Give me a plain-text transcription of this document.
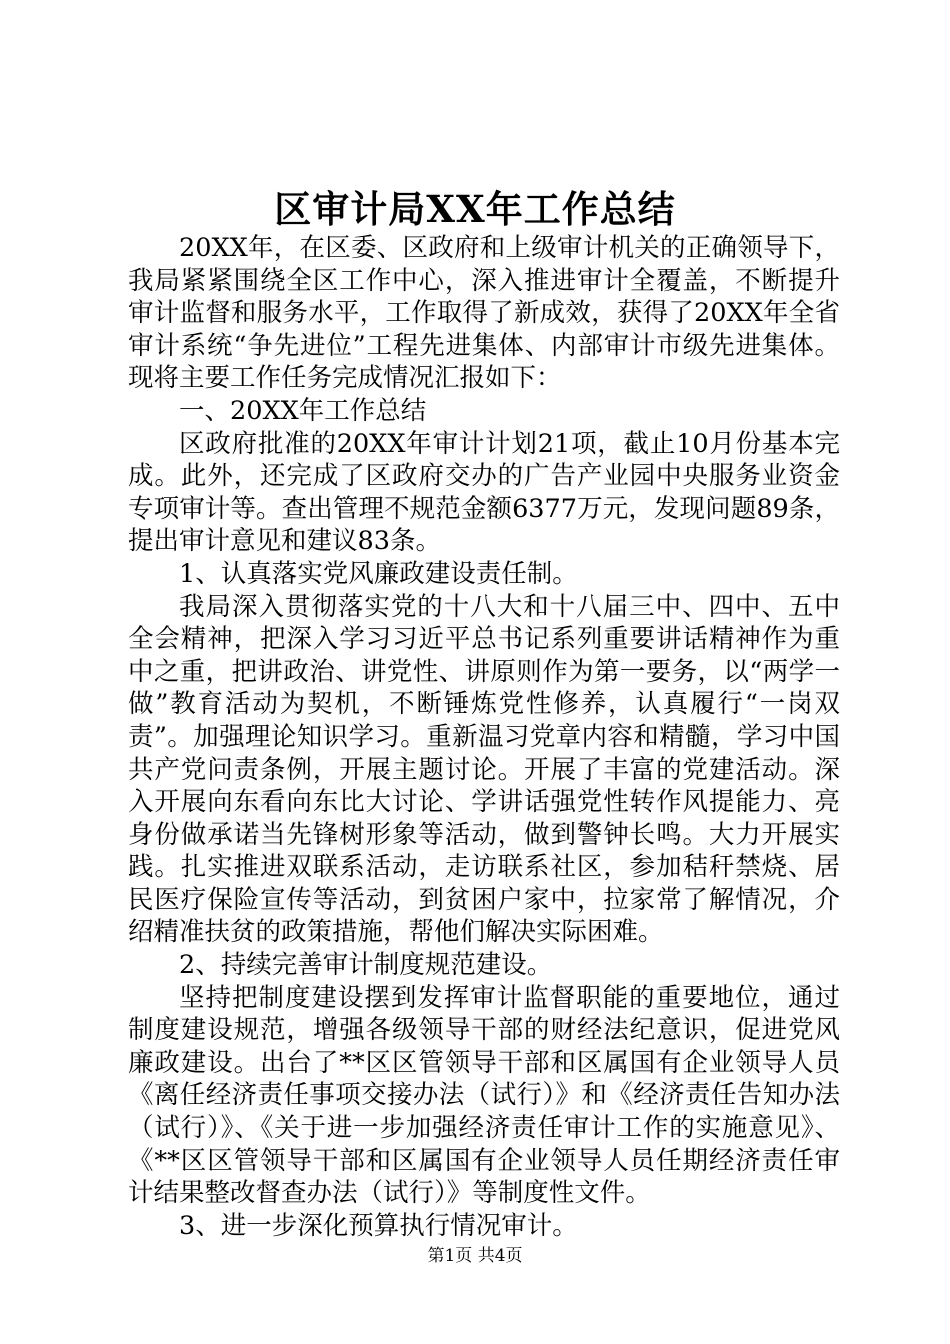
区审计局XX年工作总结

20XX年，在区委、区政府和上级审计机关的正确领导下，我局紧紧围绕全区工作中心，深入推进审计全覆盖，不断提升审计监督和服务水平，工作取得了新成效，获得了20XX年全省审计系统“争先进位”工程先进集体、内部审计市级先进集体。现将主要工作任务完成情况汇报如下：

一、20XX年工作总结

区政府批准的20XX年审计计划21项，截止10月份基本完成。此外，还完成了区政府交办的广告产业园中央服务业资金专项审计等。查出管理不规范金额6377万元，发现问题89条，提出审计意见和建议83条。

1、认真落实党风廉政建设责任制。

我局深入贯彻落实党的十八大和十八届三中、四中、五中全会精神，把深入学习习近平总书记系列重要讲话精神作为重中之重，把讲政治、讲党性、讲原则作为第一要务，以“两学一做”教育活动为契机，不断锤炼党性修养，认真履行“一岗双责”。加强理论知识学习。重新温习党章内容和精髓，学习中国共产党问责条例，开展主题讨论。开展了丰富的党建活动。深入开展向东看向东比大讨论、学讲话强党性转作风提能力、亮身份做承诺当先锋树形象等活动，做到警钟长鸣。大力开展实践。扎实推进双联系活动，走访联系社区，参加秸秆禁烧、居民医疗保险宣传等活动，到贫困户家中，拉家常了解情况，介绍精准扶贫的政策措施，帮他们解决实际困难。

2、持续完善审计制度规范建设。

坚持把制度建设摆到发挥审计监督职能的重要地位，通过制度建设规范，增强各级领导干部的财经法纪意识，促进党风廉政建设。出台了**区区管领导干部和区属国有企业领导人员《离任经济责任事项交接办法（试行）》和《经济责任告知办法（试行）》、《关于进一步加强经济责任审计工作的实施意见》、《**区区管领导干部和区属国有企业领导人员任期经济责任审计结果整改督查办法（试行）》等制度性文件。

3、进一步深化预算执行情况审计。

第1页 共4页
